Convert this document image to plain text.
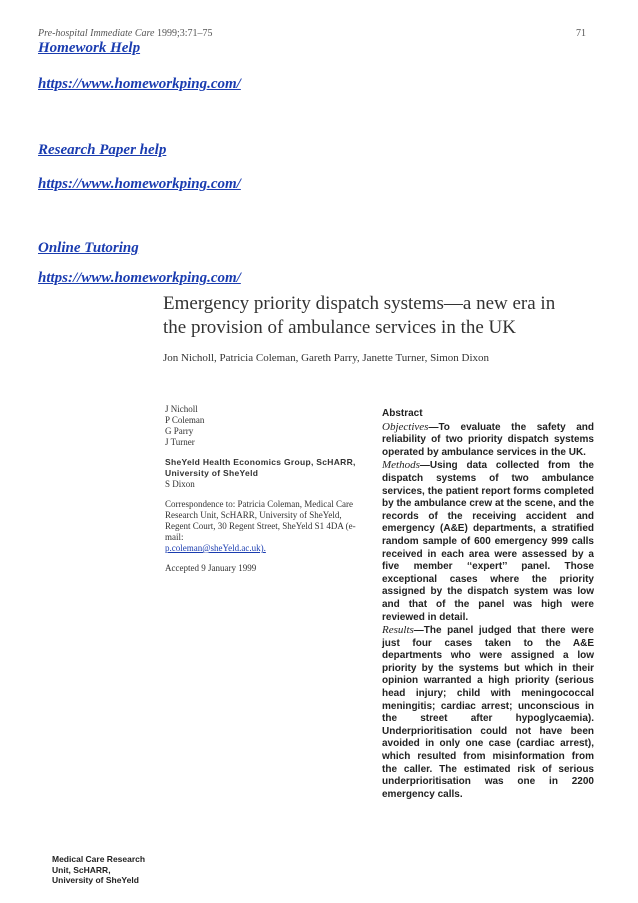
Pre-hospital Immediate Care 1999;3:71–75	71
Homework Help
https://www.homeworkping.com/
Research Paper help
https://www.homeworkping.com/
Online Tutoring
https://www.homeworkping.com/
Emergency priority dispatch systems—a new era in
the provision of ambulance services in the UK
Jon Nicholl, Patricia Coleman, Gareth Parry, Janette Turner, Simon Dixon
J Nicholl
P Coleman
G Parry
J Turner
SheYeld Health Economics Group, ScHARR, University of SheYeld
S Dixon
Correspondence to: Patricia Coleman, Medical Care Research Unit, ScHARR, University of SheYeld, Regent Court, 30 Regent Street, SheYeld S1 4DA (e-mail:
p.coleman@sheYeld.ac.uk).
Accepted 9 January 1999
Abstract
Objectives—To evaluate the safety and reliability of two priority dispatch systems operated by ambulance services in the UK.
Methods—Using data collected from the dispatch systems of two ambulance services, the patient report forms completed by the ambulance crew at the scene, and the records of the receiving accident and emergency (A&E) departments, a stratified random sample of 600 emergency 999 calls received in each area were assessed by a five member ‘‘expert’’ panel. Those exceptional cases where the priority assigned by the dispatch system was low and that of the panel was high were reviewed in detail.
Results—The panel judged that there were just four cases taken to the A&E departments who were assigned a low priority by the systems but which in their opinion warranted a high priority (serious head injury; child with meningococcal meningitis; cardiac arrest; unconscious in the street after hypoglycaemia). Underprioritisation could not have been avoided in only one case (cardiac arrest), which resulted from misinformation from the caller. The estimated risk of serious underprioritisation was one in 2200 emergency calls.
Medical Care Research
Unit, ScHARR,
University of SheYeld
